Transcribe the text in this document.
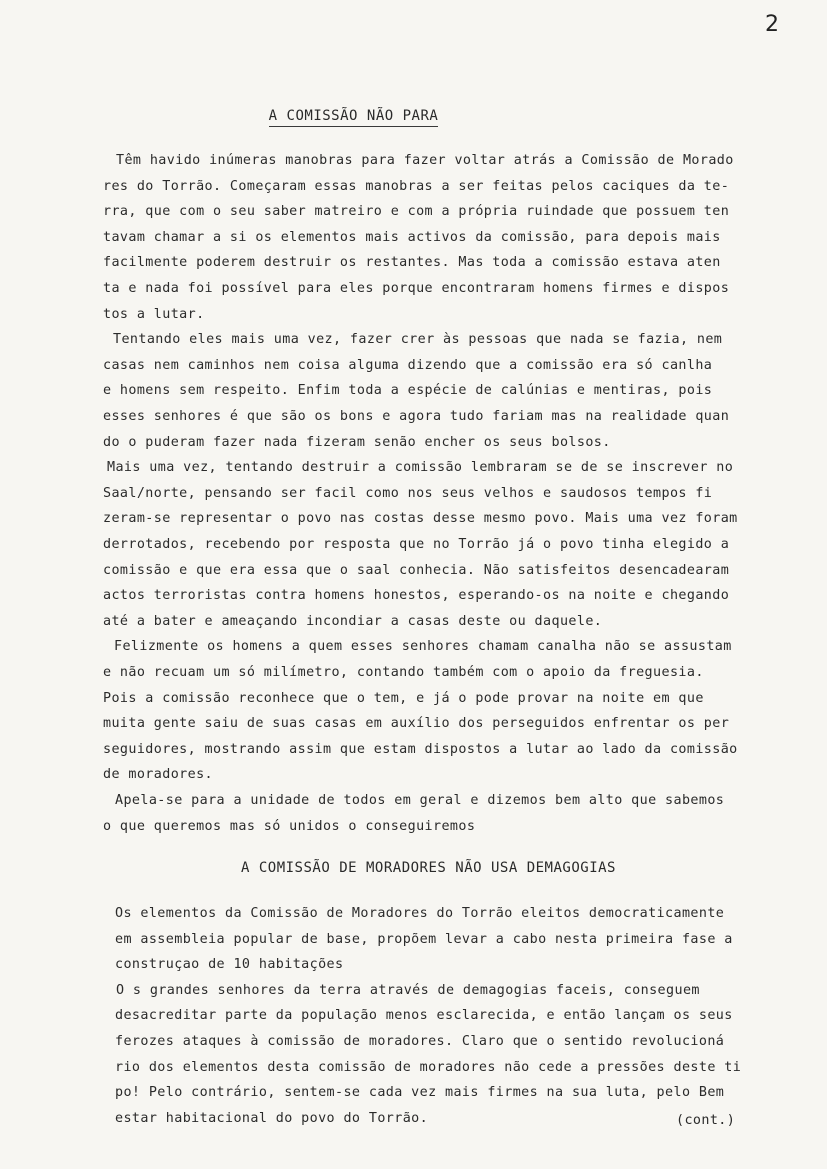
2
A COMISSÃO NÃO PARA
Têm havido inúmeras manobras para fazer voltar atrás a Comissão de Morado
res do Torrão. Começaram essas manobras a ser feitas pelos caciques da te-
rra, que com o seu saber matreiro e com a própria ruindade que possuem ten
tavam chamar a si os elementos mais activos da comissão, para depois mais
facilmente poderem destruir os restantes. Mas toda a comissão estava aten
ta e nada foi possível para eles porque encontraram homens firmes e dispos
tos a lutar.
Tentando eles mais uma vez, fazer crer às pessoas que nada se fazia, nem
casas nem caminhos nem coisa alguma dizendo que a comissão era só canlha
e homens sem respeito. Enfim toda a espécie de calúnias e mentiras, pois
esses senhores é que são os bons e agora tudo fariam mas na realidade quan
do o puderam fazer nada fizeram senão encher os seus bolsos.
Mais uma vez, tentando destruir a comissão lembraram se de se inscrever no
Saal/norte, pensando ser facil como nos seus velhos e saudosos tempos fi
zeram-se representar o povo nas costas desse mesmo povo. Mais uma vez foram
derrotados, recebendo por resposta que no Torrão já o povo tinha elegido a
comissão e que era essa que o saal conhecia. Não satisfeitos desencadearam
actos terroristas contra homens honestos, esperando-os na noite e chegando
até a bater e ameaçando incondiar a casas deste ou daquele.
Felizmente os homens a quem esses senhores chamam canalha não se assustam
e não recuam um só milímetro, contando também com o apoio da freguesia.
Pois a comissão reconhece que o tem, e já o pode provar na noite em que
muita gente saiu de suas casas em auxílio dos perseguidos enfrentar os per
seguidores, mostrando assim que estam dispostos a lutar ao lado da comissão
de moradores.
Apela-se para a unidade de todos em geral e dizemos bem alto que sabemos
o que queremos mas só unidos o conseguiremos
A COMISSÃO DE MORADORES NÃO USA DEMAGOGIAS
Os elementos da Comissão de Moradores do Torrão eleitos democraticamente
em assembleia popular de base, propõem levar a cabo nesta primeira fase a
construçao de 10 habitações
O s grandes senhores da terra através de demagogias faceis, conseguem
desacreditar parte da população menos esclarecida, e então lançam os seus
ferozes ataques à comissão de moradores. Claro que o sentido revolucioná
rio dos elementos desta comissão de moradores não cede a pressões deste ti
po! Pelo contrário, sentem-se cada vez mais firmes na sua luta, pelo Bem
estar habitacional do povo do Torrão.	(cont.)
